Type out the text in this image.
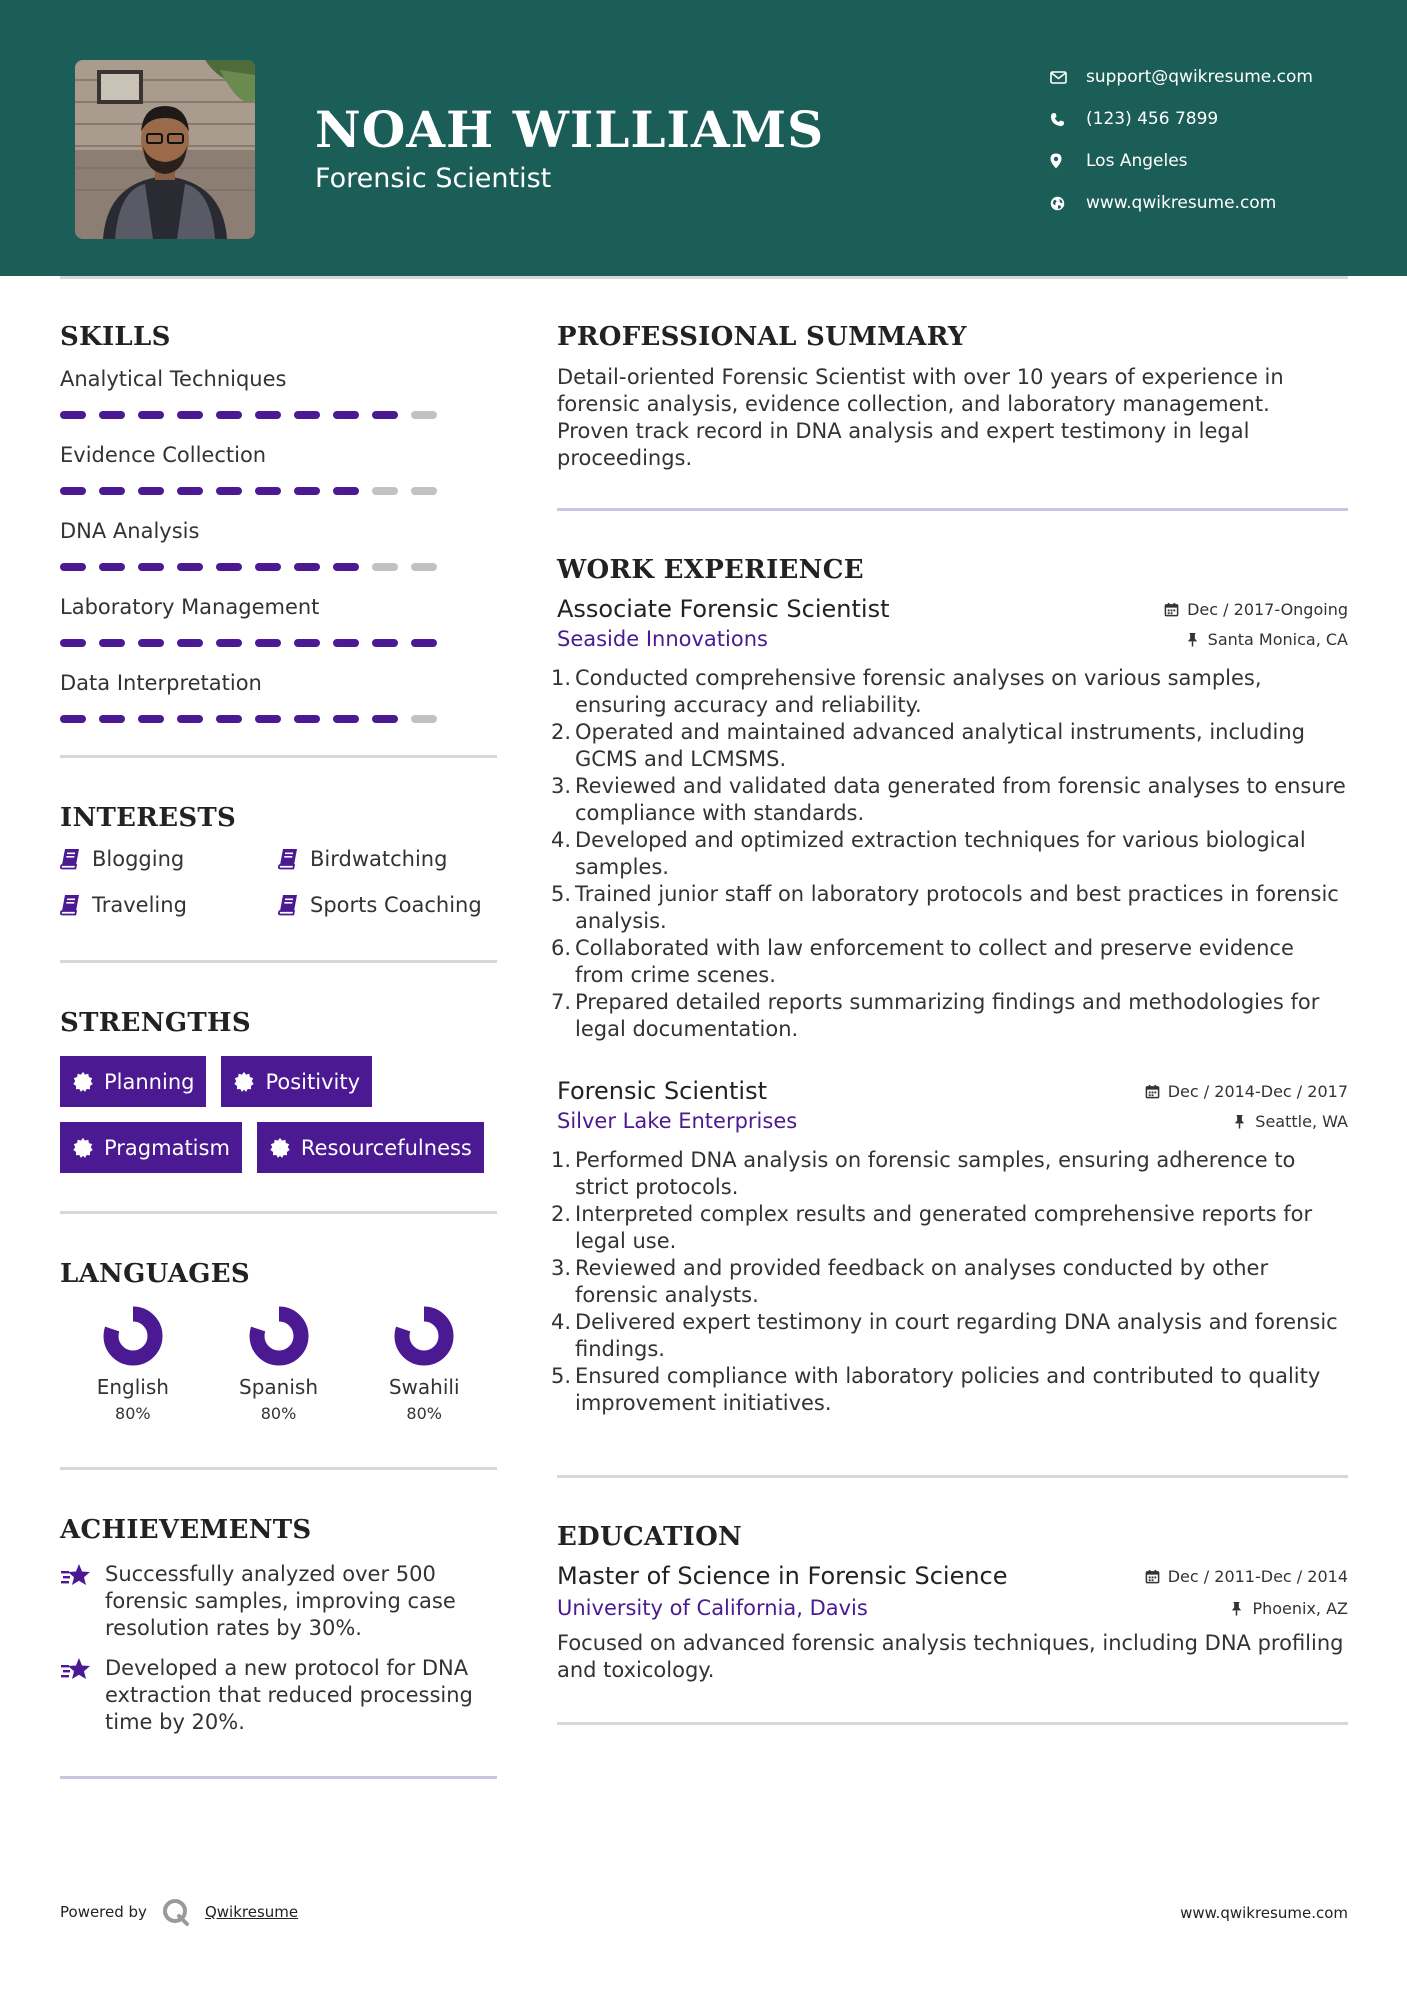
NOAH WILLIAMS
Forensic Scientist
support@qwikresume.com
(123) 456 7899
Los Angeles
www.qwikresume.com
SKILLS
Analytical Techniques
Evidence Collection
DNA Analysis
Laboratory Management
Data Interpretation
INTERESTS
Blogging	Birdwatching
Traveling	Sports Coaching
STRENGTHS
Planning	Positivity
Pragmatism	Resourcefulness
LANGUAGES
English
80%
Spanish
80%
Swahili
80%
ACHIEVEMENTS
Successfully analyzed over 500 forensic samples, improving case resolution rates by 30%.
Developed a new protocol for DNA extraction that reduced processing time by 20%.
PROFESSIONAL SUMMARY
Detail-oriented Forensic Scientist with over 10 years of experience in forensic analysis, evidence collection, and laboratory management. Proven track record in DNA analysis and expert testimony in legal proceedings.
WORK EXPERIENCE
Associate Forensic Scientist	Dec / 2017-Ongoing
Seaside Innovations	Santa Monica, CA
Conducted comprehensive forensic analyses on various samples, ensuring accuracy and reliability.
Operated and maintained advanced analytical instruments, including GCMS and LCMSMS.
Reviewed and validated data generated from forensic analyses to ensure compliance with standards.
Developed and optimized extraction techniques for various biological samples.
Trained junior staff on laboratory protocols and best practices in forensic analysis.
Collaborated with law enforcement to collect and preserve evidence from crime scenes.
Prepared detailed reports summarizing findings and methodologies for legal documentation.
Forensic Scientist	Dec / 2014-Dec / 2017
Silver Lake Enterprises	Seattle, WA
Performed DNA analysis on forensic samples, ensuring adherence to strict protocols.
Interpreted complex results and generated comprehensive reports for legal use.
Reviewed and provided feedback on analyses conducted by other forensic analysts.
Delivered expert testimony in court regarding DNA analysis and forensic findings.
Ensured compliance with laboratory policies and contributed to quality improvement initiatives.
EDUCATION
Master of Science in Forensic Science	Dec / 2011-Dec / 2014
University of California, Davis	Phoenix, AZ
Focused on advanced forensic analysis techniques, including DNA profiling and toxicology.
Powered by	Qwikresume	www.qwikresume.com
